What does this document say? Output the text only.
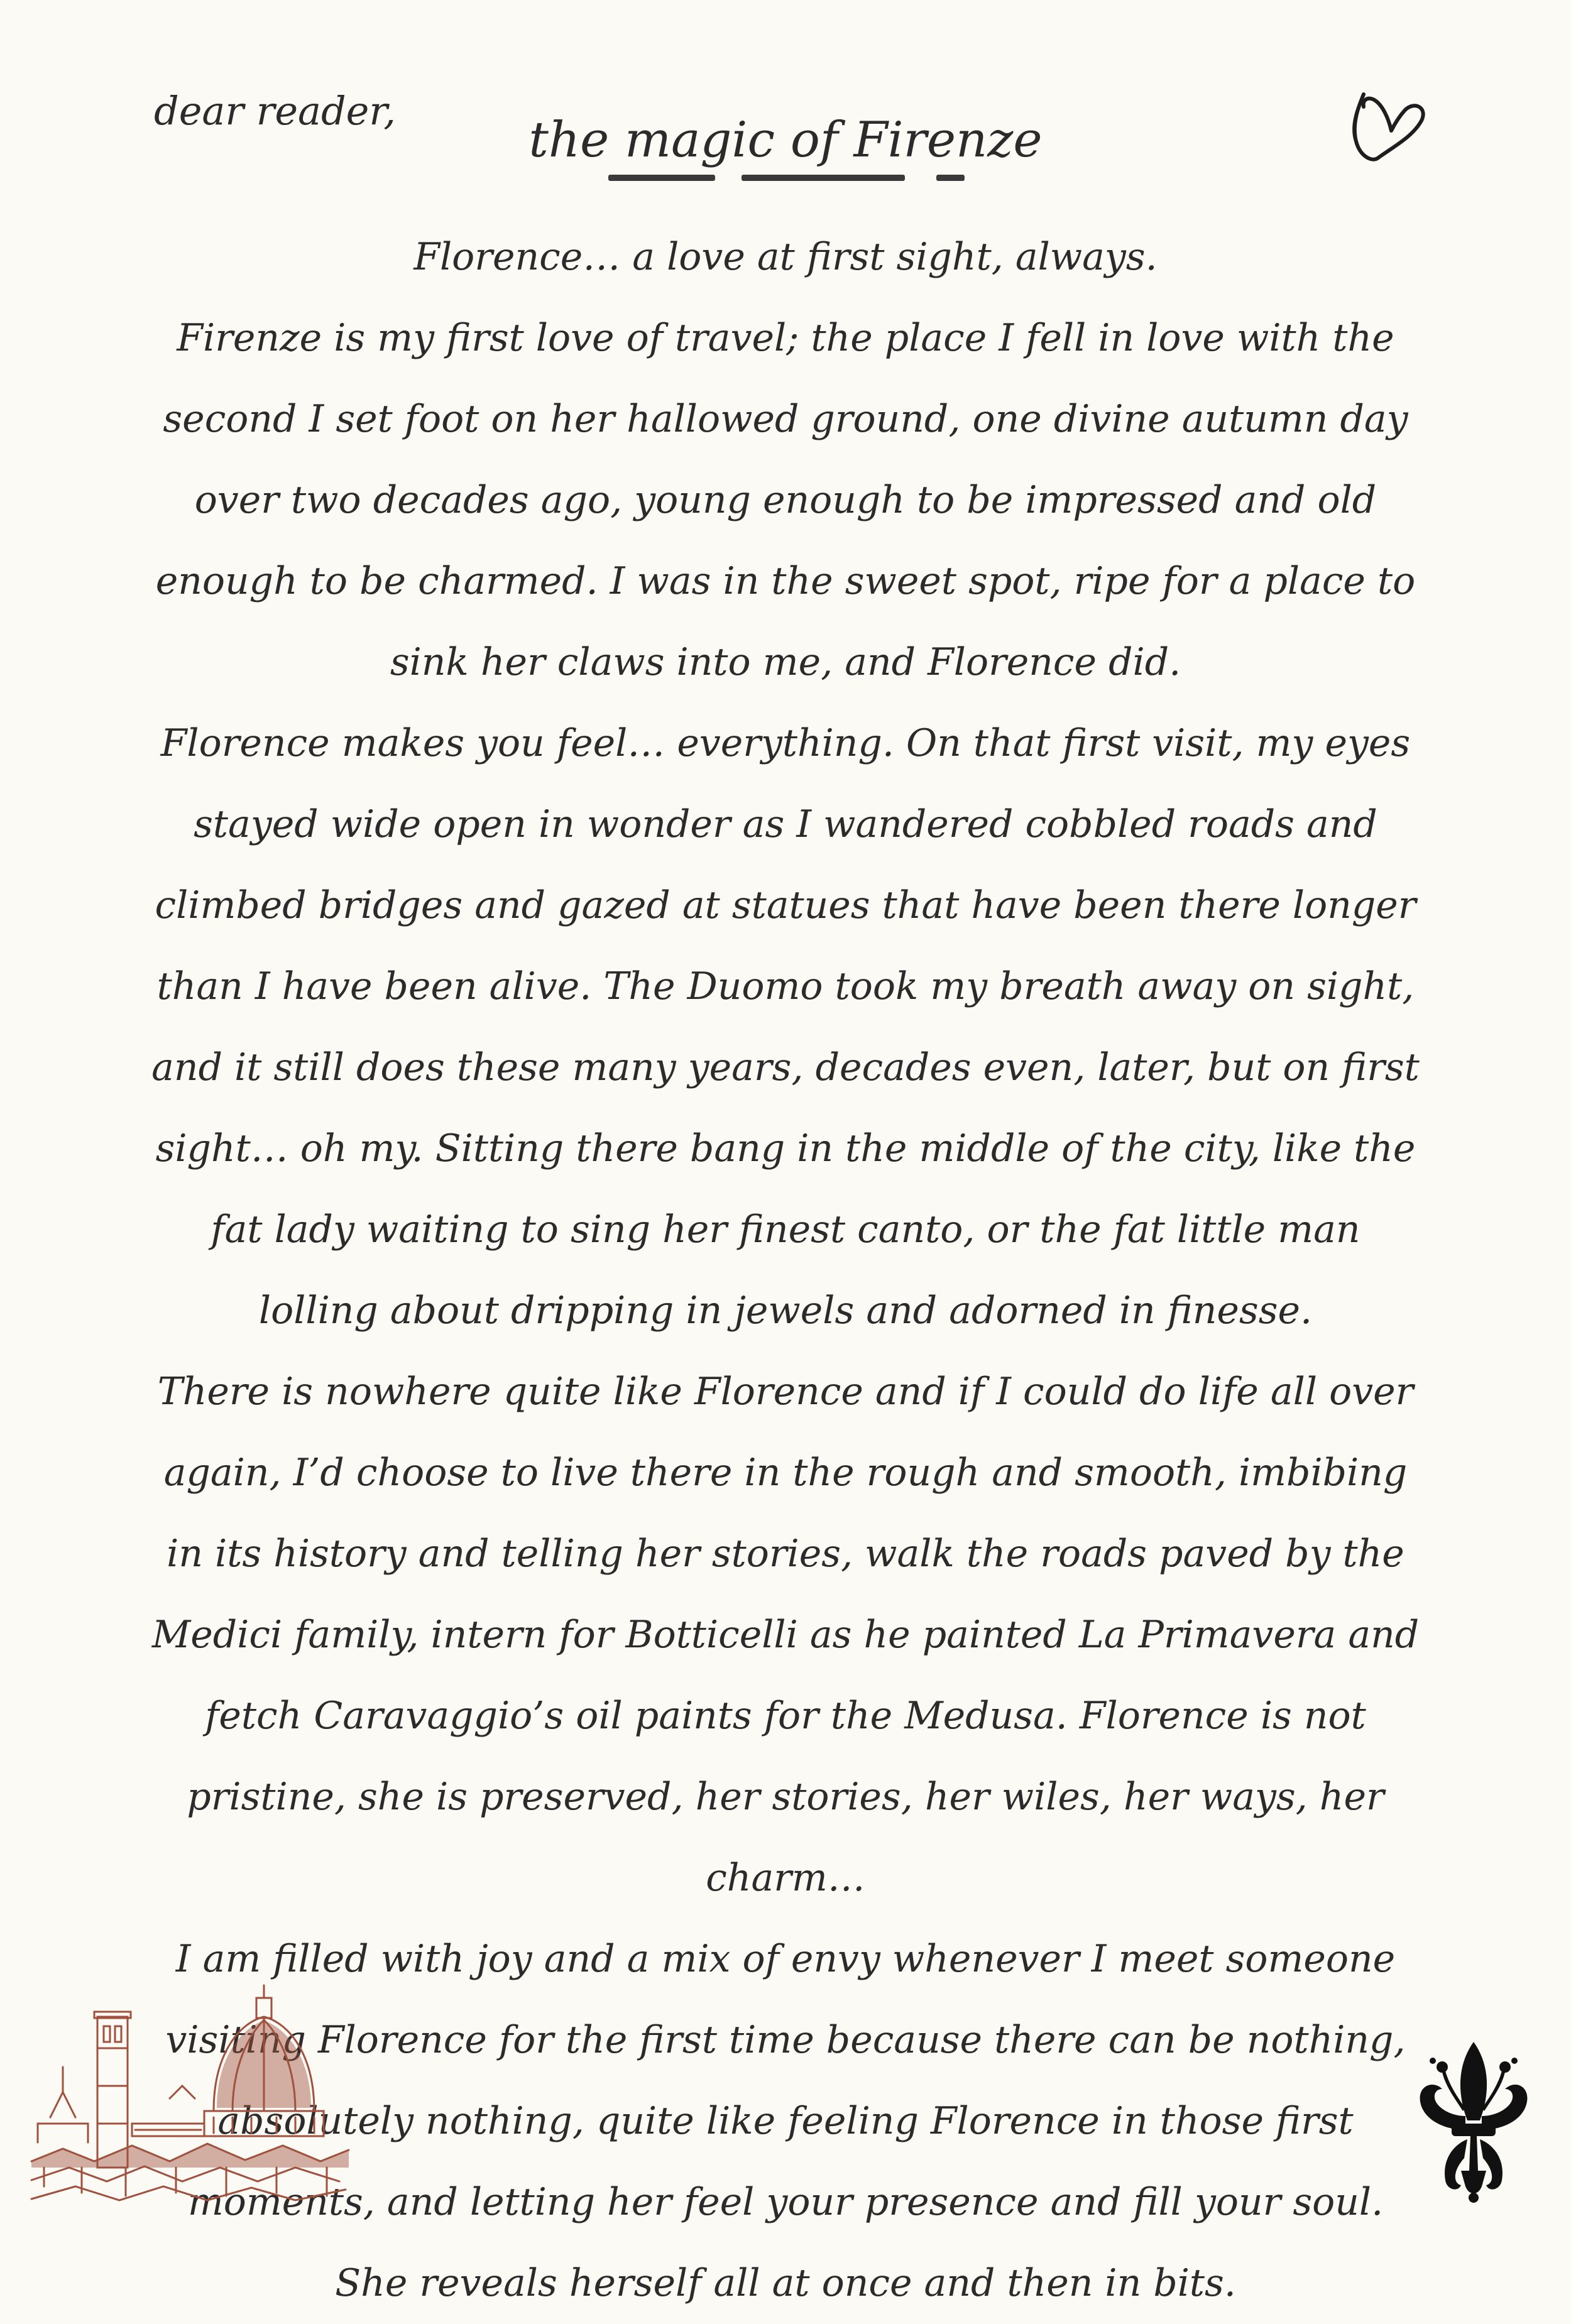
dear reader,
the magic of Firenze

Florence… a love at first sight, always.

Firenze is my first love of travel; the place I fell in love with the second I set foot on her hallowed ground, one divine autumn day over two decades ago, young enough to be impressed and old enough to be charmed. I was in the sweet spot, ripe for a place to sink her claws into me, and Florence did.

Florence makes you feel… everything. On that first visit, my eyes stayed wide open in wonder as I wandered cobbled roads and climbed bridges and gazed at statues that have been there longer than I have been alive. The Duomo took my breath away on sight, and it still does these many years, decades even, later, but on first sight… oh my. Sitting there bang in the middle of the city, like the fat lady waiting to sing her finest canto, or the fat little man lolling about dripping in jewels and adorned in finesse.

There is nowhere quite like Florence and if I could do life all over again, I’d choose to live there in the rough and smooth, imbibing in its history and telling her stories, walk the roads paved by the Medici family, intern for Botticelli as he painted La Primavera and fetch Caravaggio’s oil paints for the Medusa. Florence is not pristine, she is preserved, her stories, her wiles, her ways, her charm…

I am filled with joy and a mix of envy whenever I meet someone visiting Florence for the first time because there can be nothing, absolutely nothing, quite like feeling Florence in those first moments, and letting her feel your presence and fill your soul. She reveals herself all at once and then in bits.
